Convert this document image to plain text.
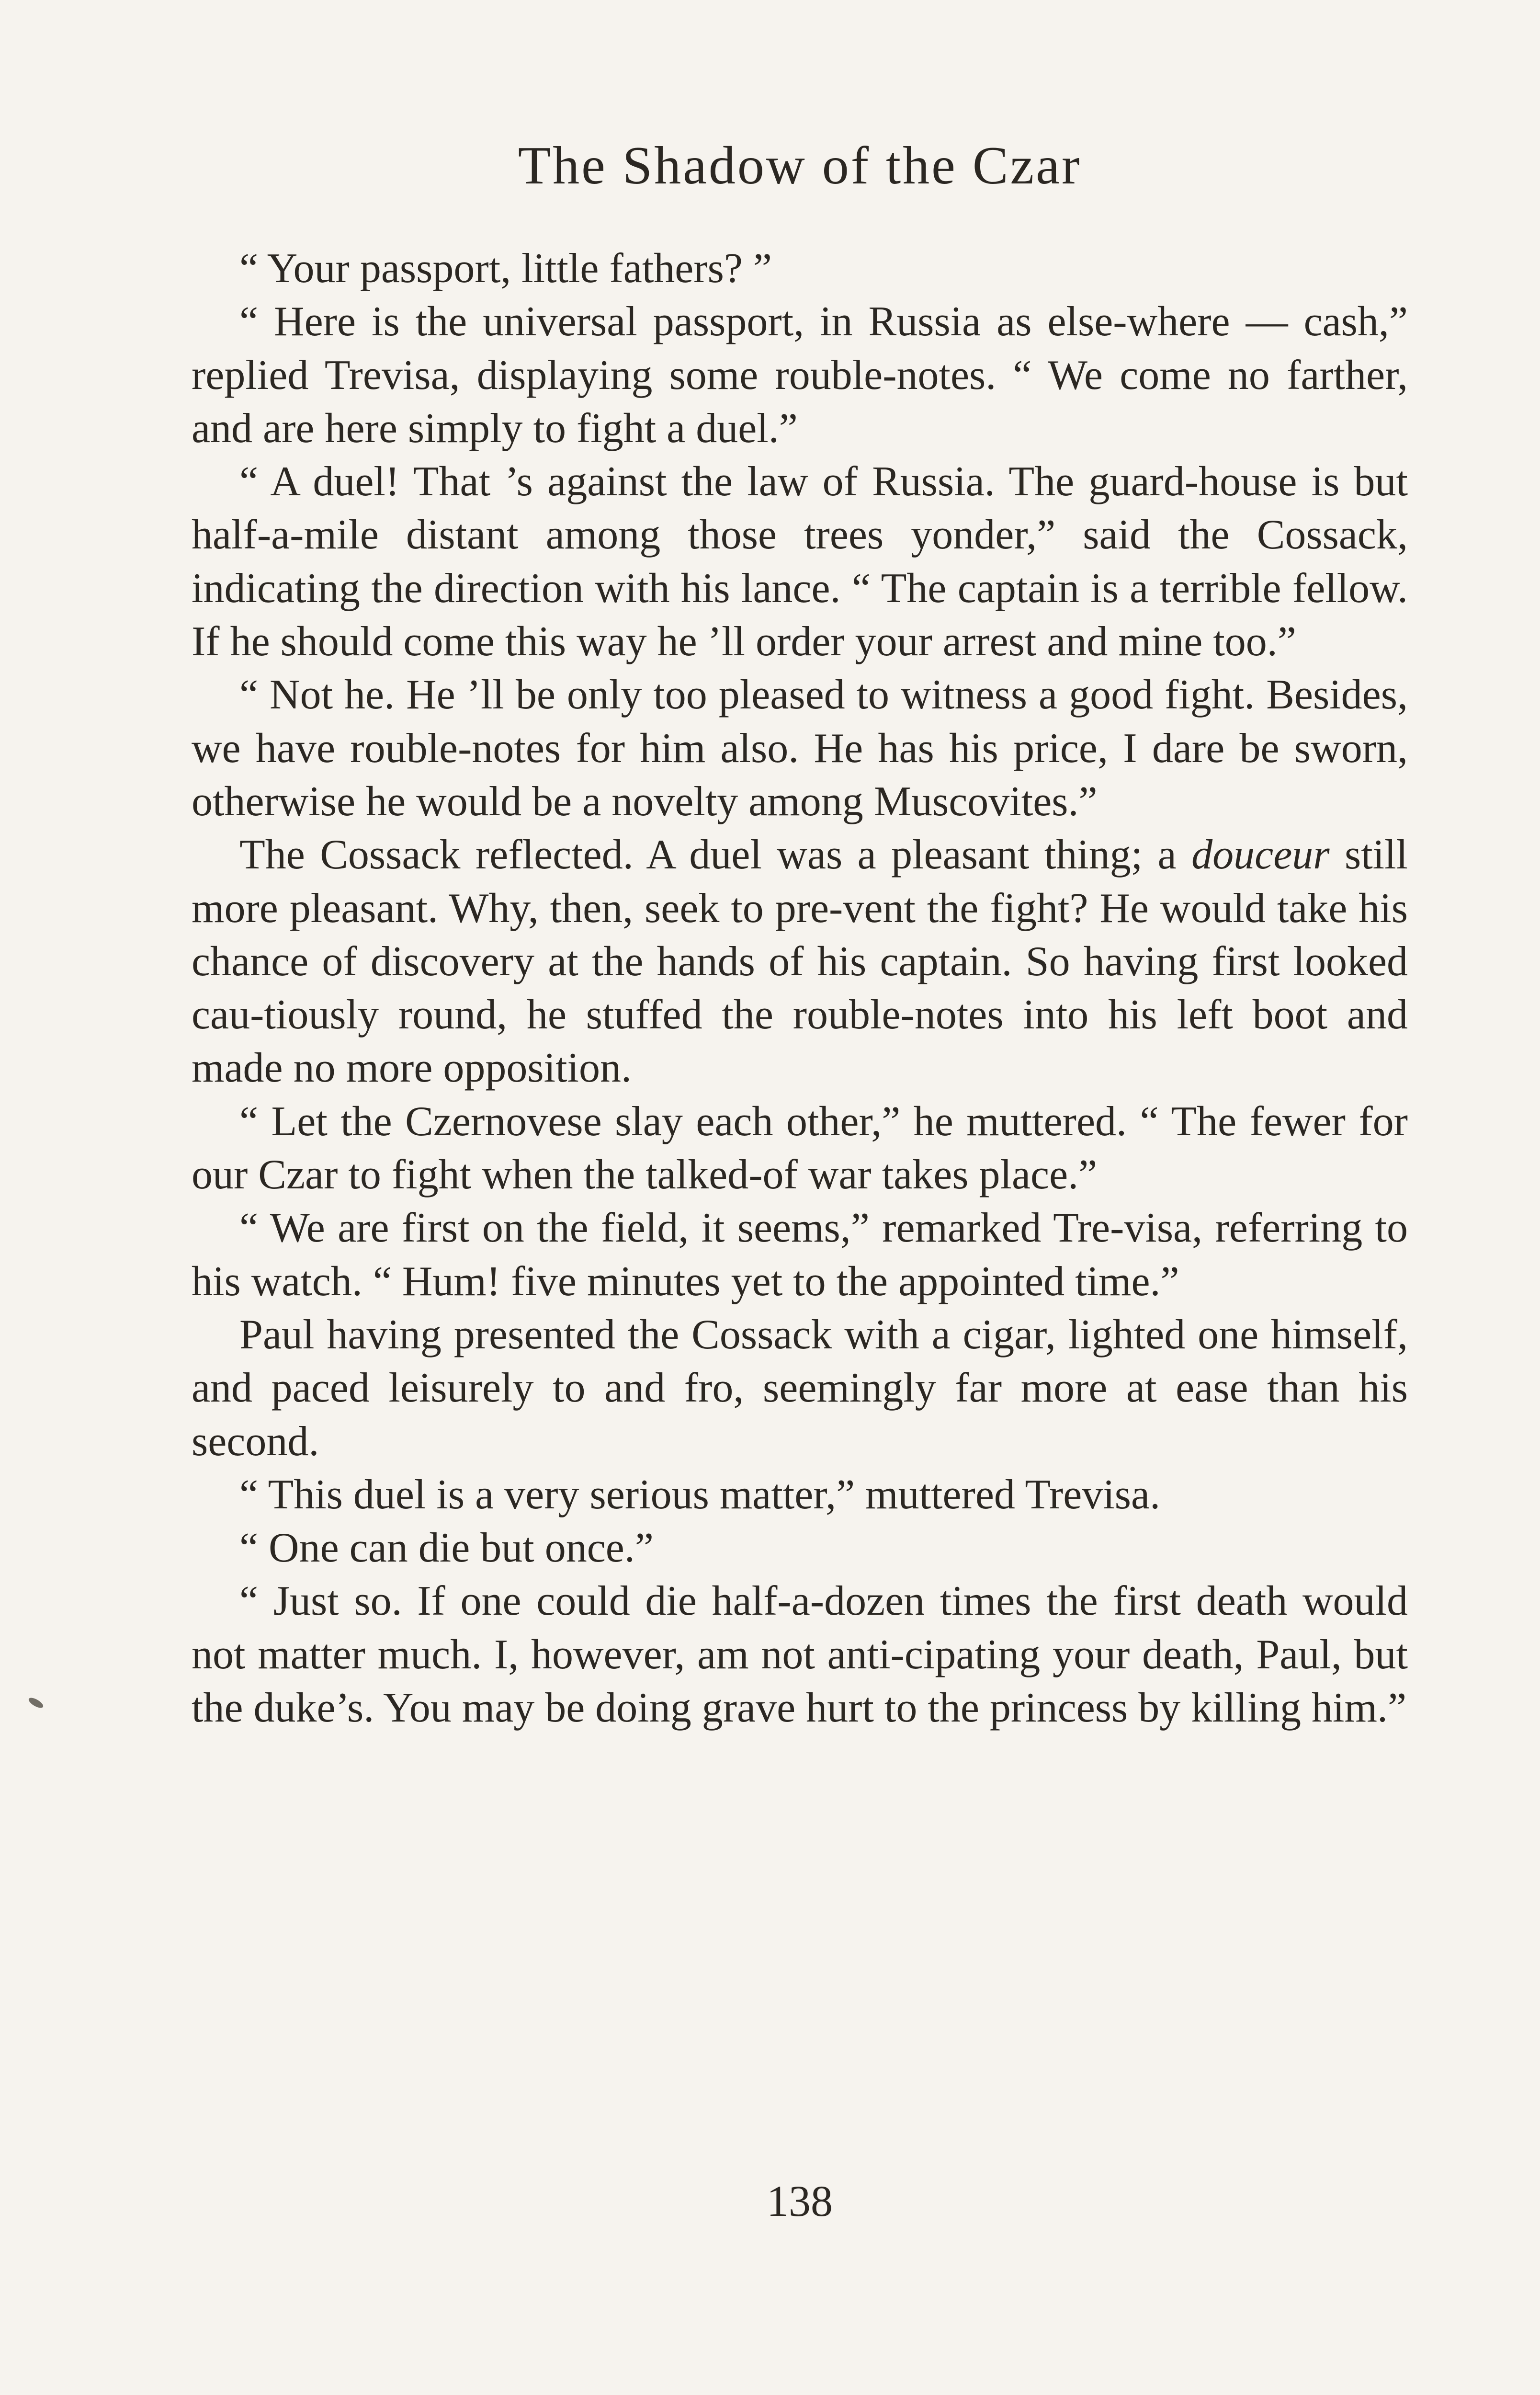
The Shadow of the Czar

“ Your passport, little fathers? ”

“ Here is the universal passport, in Russia as else-where — cash,” replied Trevisa, displaying some rouble-notes. “ We come no farther, and are here simply to fight a duel.”

“ A duel! That ’s against the law of Russia. The guard-house is but half-a-mile distant among those trees yonder,” said the Cossack, indicating the direction with his lance. “ The captain is a terrible fellow. If he should come this way he ’ll order your arrest and mine too.”

“ Not he. He ’ll be only too pleased to witness a good fight. Besides, we have rouble-notes for him also. He has his price, I dare be sworn, otherwise he would be a novelty among Muscovites.”

The Cossack reflected. A duel was a pleasant thing; a douceur still more pleasant. Why, then, seek to pre-vent the fight? He would take his chance of discovery at the hands of his captain. So having first looked cau-tiously round, he stuffed the rouble-notes into his left boot and made no more opposition.

“ Let the Czernovese slay each other,” he muttered. “ The fewer for our Czar to fight when the talked-of war takes place.”

“ We are first on the field, it seems,” remarked Tre-visa, referring to his watch. “ Hum! five minutes yet to the appointed time.”

Paul having presented the Cossack with a cigar, lighted one himself, and paced leisurely to and fro, seemingly far more at ease than his second.

“ This duel is a very serious matter,” muttered Trevisa.

“ One can die but once.”

“ Just so. If one could die half-a-dozen times the first death would not matter much. I, however, am not anti-cipating your death, Paul, but the duke’s. You may be doing grave hurt to the princess by killing him.”

138
